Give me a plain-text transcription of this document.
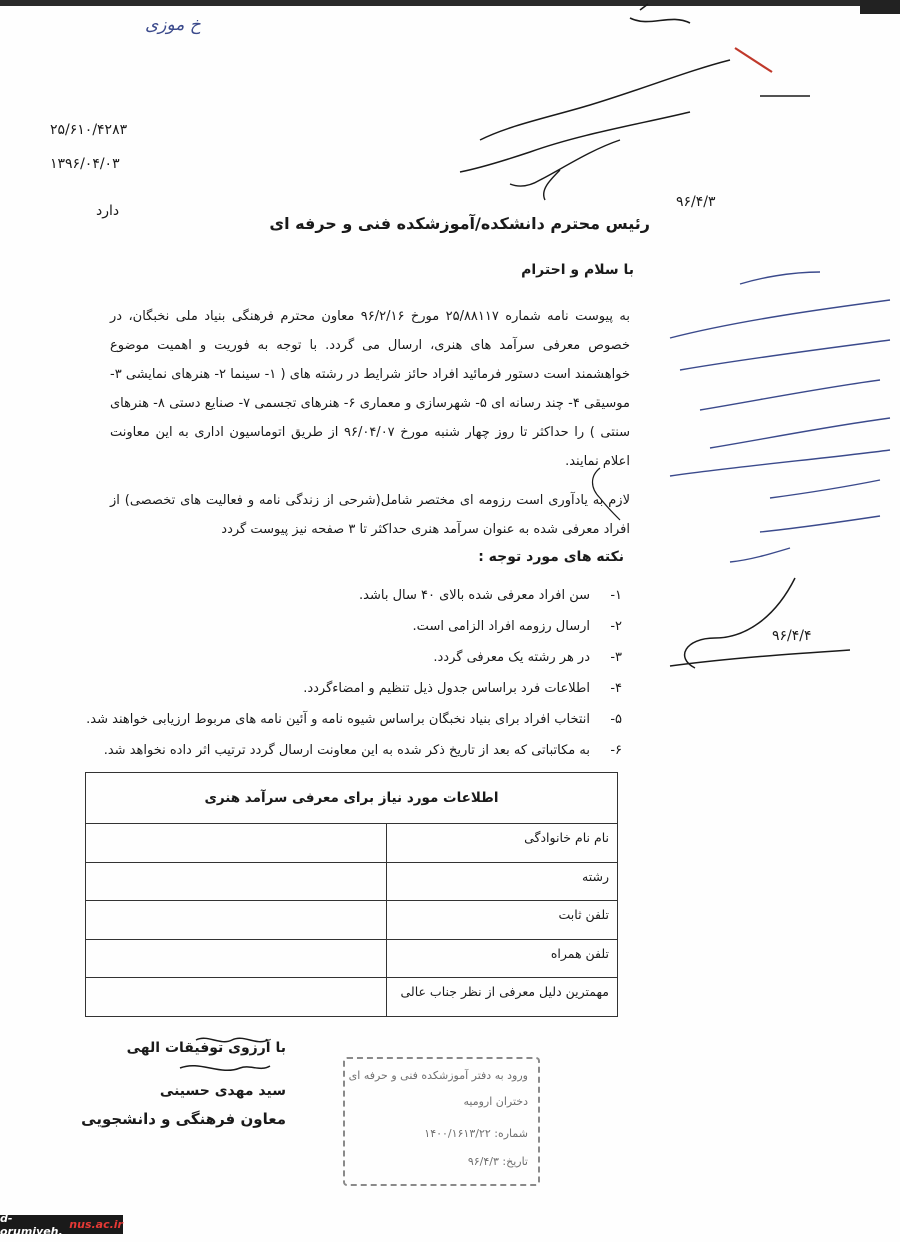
۲۵/۶۱۰/۴۲۸۳
۱۳۹۶/۰۴/۰۳
دارد
رئیس محترم دانشکده/آموزشکده فنی و حرفه ای
با سلام و احترام
به پیوست نامه شماره ۲۵/۸۸۱۱۷ مورخ ۹۶/۲/۱۶ معاون محترم فرهنگی بنیاد ملی نخبگان، در خصوص معرفی سرآمد های هنری، ارسال می گردد. با توجه به فوریت و اهمیت موضوع خواهشمند است دستور فرمائید افراد حائز شرایط در رشته های ( ۱- سینما ۲- هنرهای نمایشی ۳- موسیقی ۴- چند رسانه ای ۵- شهرسازی و معماری ۶- هنرهای تجسمی ۷- صنایع دستی ۸- هنرهای سنتی ) را حداکثر تا روز چهار شنبه مورخ ۹۶/۰۴/۰۷ از طریق اتوماسیون اداری به این معاونت اعلام نمایند.
لازم به یادآوری است رزومه ای مختصر شامل(شرحی از زندگی نامه و فعالیت های تخصصی) از افراد معرفی شده به عنوان سرآمد هنری حداکثر تا ۳ صفحه نیز پیوست گردد
نکته های مورد توجه :
۱-
سن افراد معرفی شده بالای ۴۰ سال باشد.
۲-
ارسال رزومه افراد الزامی است.
۳-
در هر رشته یک معرفی گردد.
۴-
اطلاعات فرد براساس جدول ذیل تنظیم و امضاءگردد.
۵-
انتخاب افراد برای بنیاد نخبگان براساس شیوه نامه و آئین نامه های مربوط ارزیابی خواهند شد.
۶-
به مکاتباتی که بعد از تاریخ ذکر شده به این معاونت ارسال گردد ترتیب اثر داده نخواهد شد.
اطلاعات مورد نیاز برای معرفی سرآمد هنری	
نام نام خانوادگی	
رشته	
تلفن ثابت	
تلفن همراه	
مهمترین دلیل معرفی از نظر جناب عالی	
با آرزوی توفیقات الهی
سید مهدی حسینی
معاون فرهنگی و دانشجویی
ورود به دفتر آموزشکده فنی و حرفه ای
دختران ارومیه
شماره: ۱۴۰۰/۱۶۱۳/۲۲
تاریخ: ۹۶/۴/۳
d-orumiyeh. nus.ac.ir
خ موزی
۹۶/۴/۳
۹۶/۴/۴
